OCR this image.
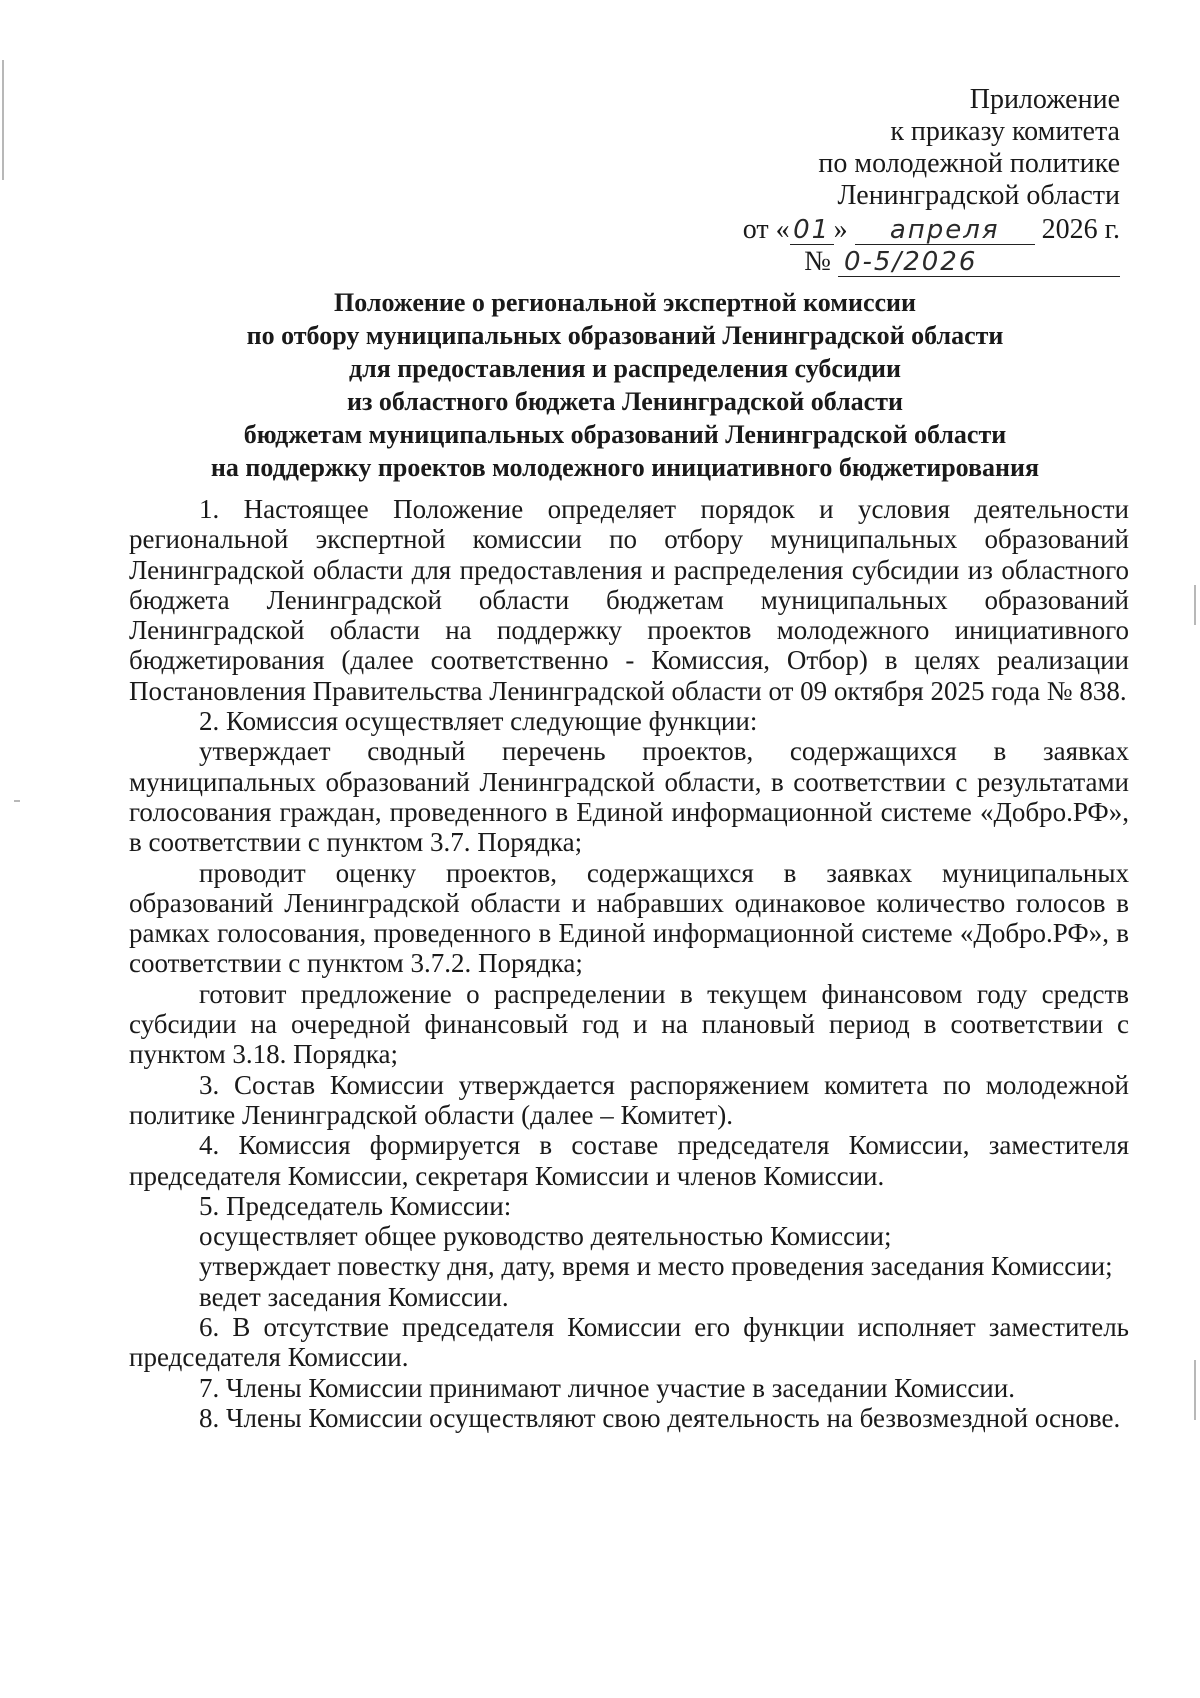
Приложение
к приказу комитета
по молодежной политике
Ленинградской области
от « 01 » апреля 2026 г.
№ 0-5/2026
Положение о региональной экспертной комиссии
по отбору муниципальных образований Ленинградской области
для предоставления и распределения субсидии
из областного бюджета Ленинградской области
бюджетам муниципальных образований Ленинградской области
на поддержку проектов молодежного инициативного бюджетирования

1. Настоящее Положение определяет порядок и условия деятельности региональной экспертной комиссии по отбору муниципальных образований Ленинградской области для предоставления и распределения субсидии из областного бюджета Ленинградской области бюджетам муниципальных образований Ленинградской области на поддержку проектов молодежного инициативного бюджетирования (далее соответственно - Комиссия, Отбор) в целях реализации Постановления Правительства Ленинградской области от 09 октября 2025 года № 838.

2. Комиссия осуществляет следующие функции:

утверждает сводный перечень проектов, содержащихся в заявках муниципальных образований Ленинградской области, в соответствии с результатами голосования граждан, проведенного в Единой информационной системе «Добро.РФ», в соответствии с пунктом 3.7. Порядка;

проводит оценку проектов, содержащихся в заявках муниципальных образований Ленинградской области и набравших одинаковое количество голосов в рамках голосования, проведенного в Единой информационной системе «Добро.РФ», в соответствии с пунктом 3.7.2. Порядка;

готовит предложение о распределении в текущем финансовом году средств субсидии на очередной финансовый год и на плановый период в соответствии с пунктом 3.18. Порядка;

3. Состав Комиссии утверждается распоряжением комитета по молодежной политике Ленинградской области (далее – Комитет).

4. Комиссия формируется в составе председателя Комиссии, заместителя председателя Комиссии, секретаря Комиссии и членов Комиссии.

5. Председатель Комиссии:

осуществляет общее руководство деятельностью Комиссии;

утверждает повестку дня, дату, время и место проведения заседания Комиссии;

ведет заседания Комиссии.

6. В отсутствие председателя Комиссии его функции исполняет заместитель председателя Комиссии.

7. Члены Комиссии принимают личное участие в заседании Комиссии.

8. Члены Комиссии осуществляют свою деятельность на безвозмездной основе.
